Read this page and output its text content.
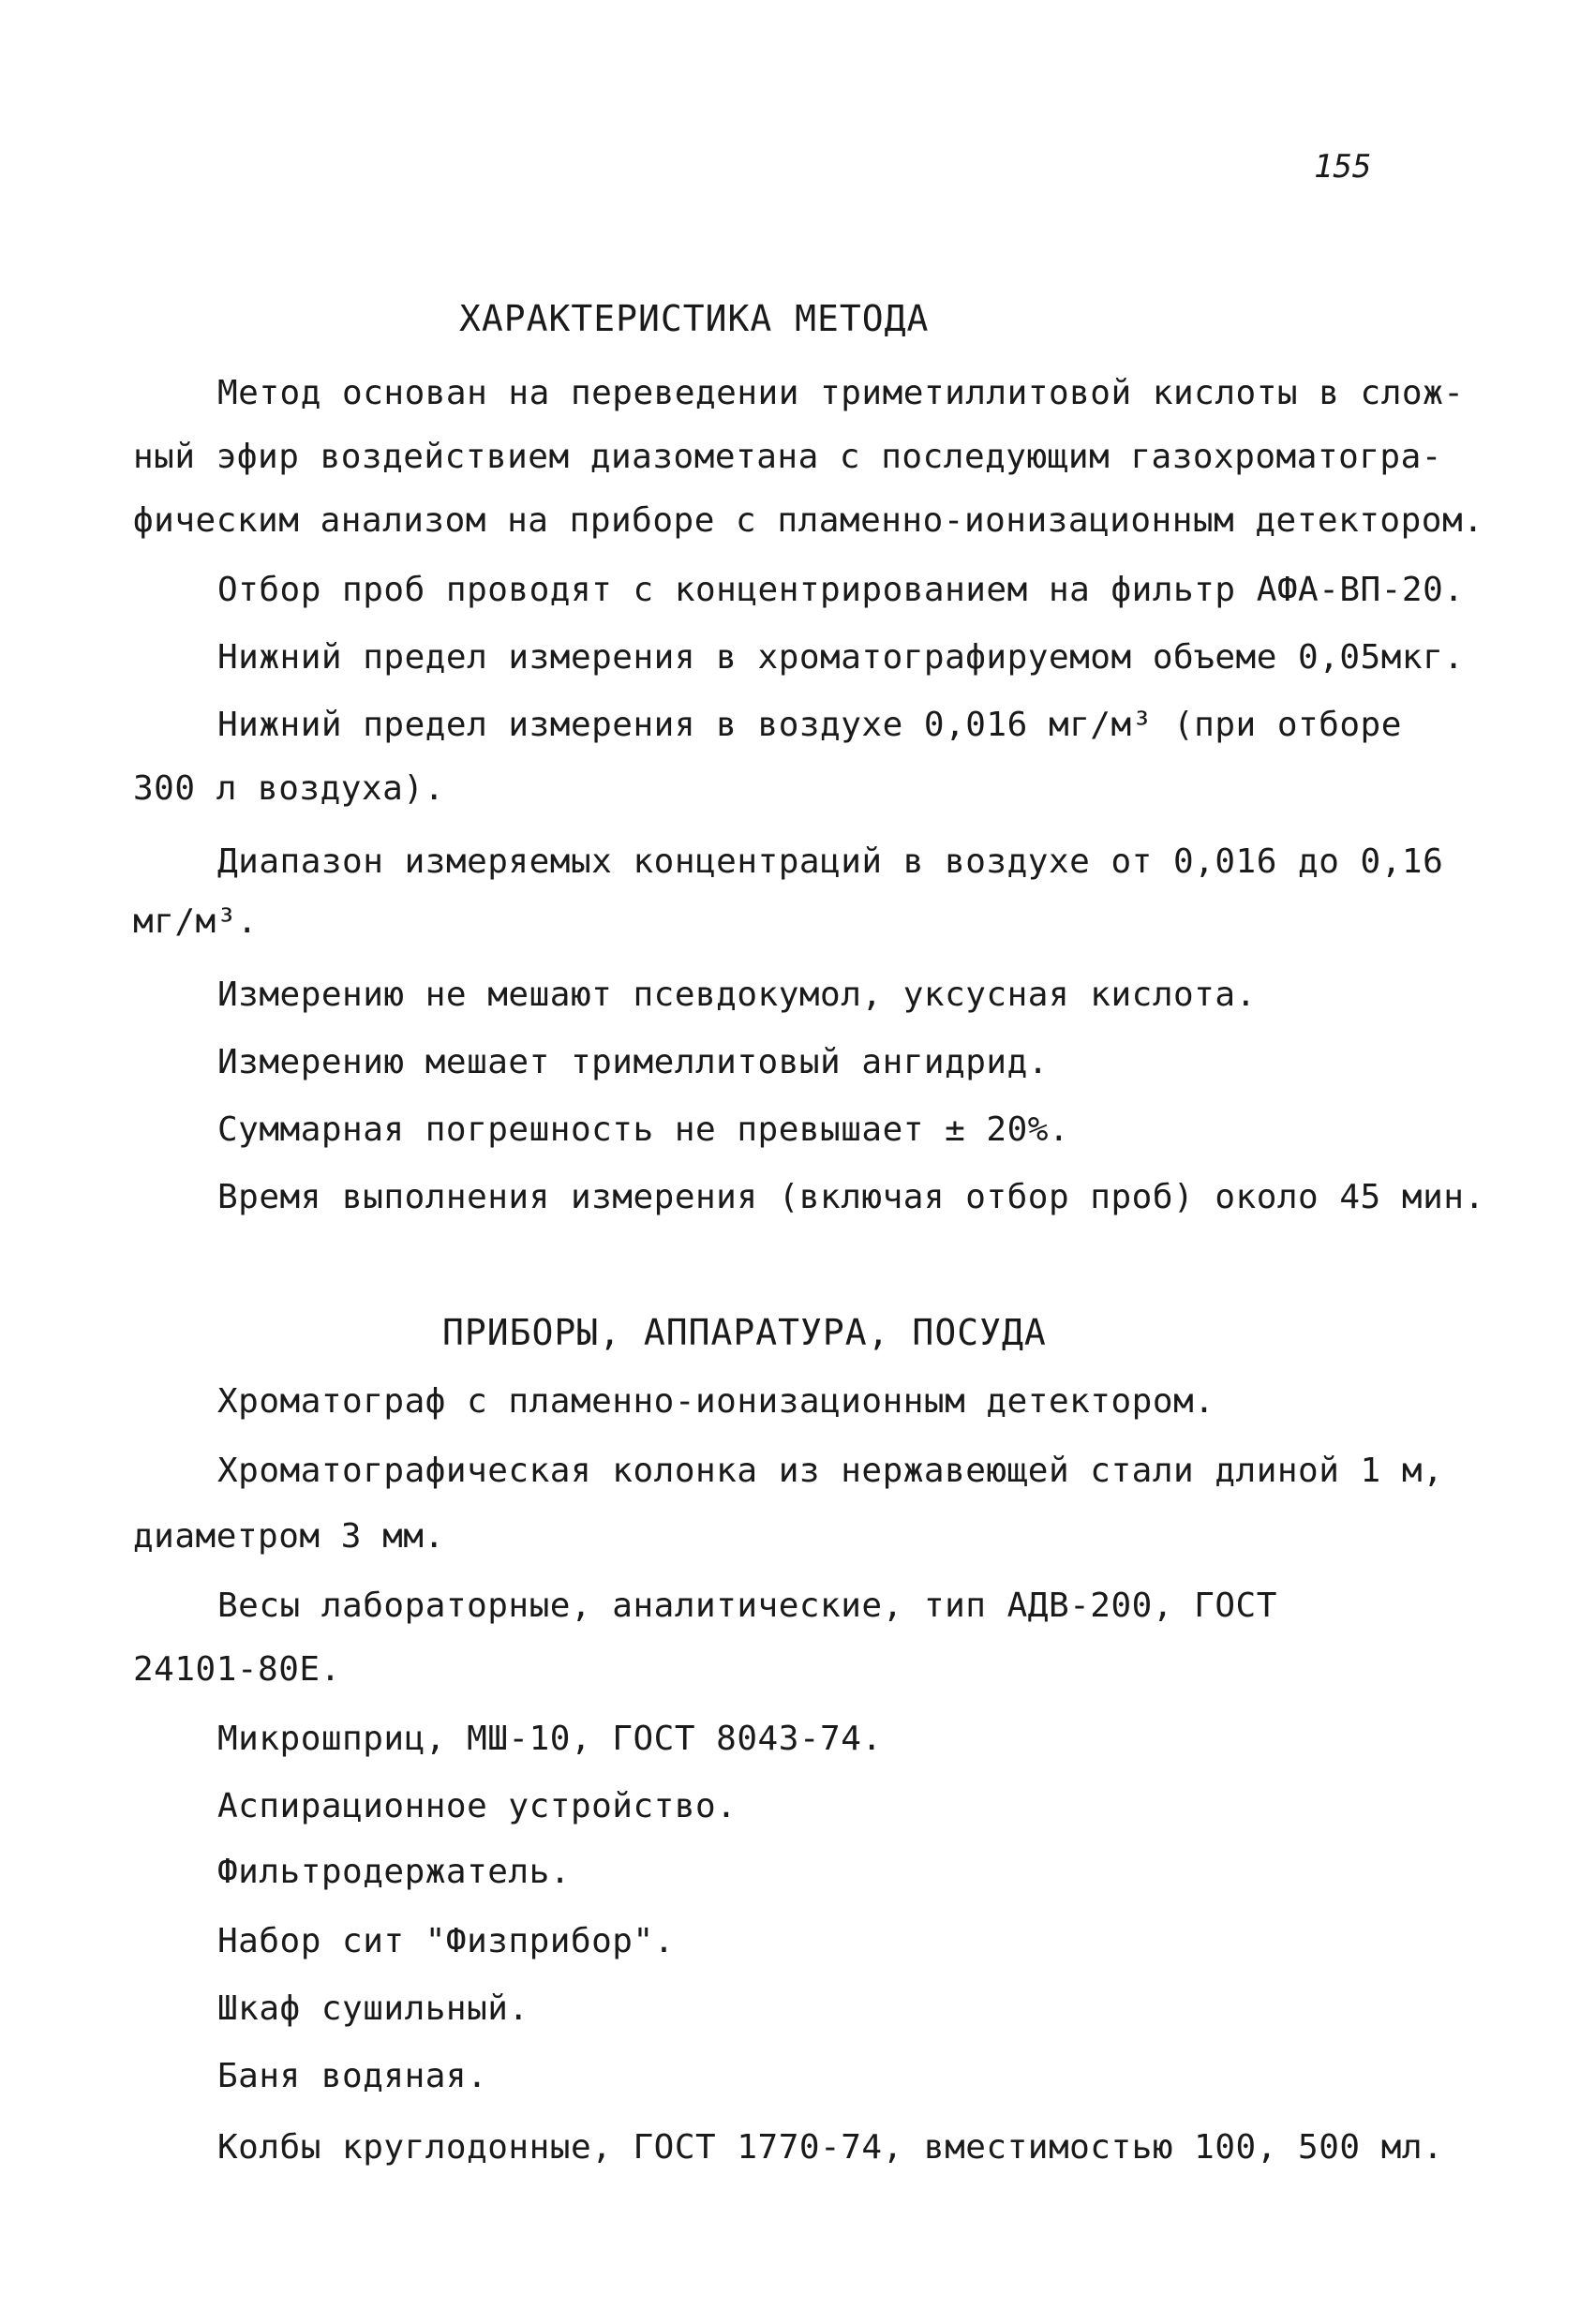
155
ХАРАКТЕРИСТИКА МЕТОДА
Метод основан на переведении триметиллитовой кислоты в слож-
ный эфир воздействием диазометана с последующим газохроматогра-
фическим анализом на приборе с пламенно-ионизационным детектором.
Отбор проб проводят с концентрированием на фильтр АФА-ВП-20.
Нижний предел измерения в хроматографируемом объеме 0,05мкг.
Нижний предел измерения в воздухе 0,016 мг/м³ (при отборе
300 л воздуха).
Диапазон измеряемых концентраций в воздухе от 0,016 до 0,16
мг/м³.
Измерению не мешают псевдокумол, уксусная кислота.
Измерению мешает тримеллитовый ангидрид.
Суммарная погрешность не превышает ± 20%.
Время выполнения измерения (включая отбор проб) около 45 мин.
ПРИБОРЫ, АППАРАТУРА, ПОСУДА
Хроматограф с пламенно-ионизационным детектором.
Хроматографическая колонка из нержавеющей стали длиной 1 м,
диаметром 3 мм.
Весы лабораторные, аналитические, тип АДВ-200, ГОСТ
24101-80Е.
Микрошприц, МШ-10, ГОСТ 8043-74.
Аспирационное устройство.
Фильтродержатель.
Набор сит "Физприбор".
Шкаф сушильный.
Баня водяная.
Колбы круглодонные, ГОСТ 1770-74, вместимостью 100, 500 мл.
